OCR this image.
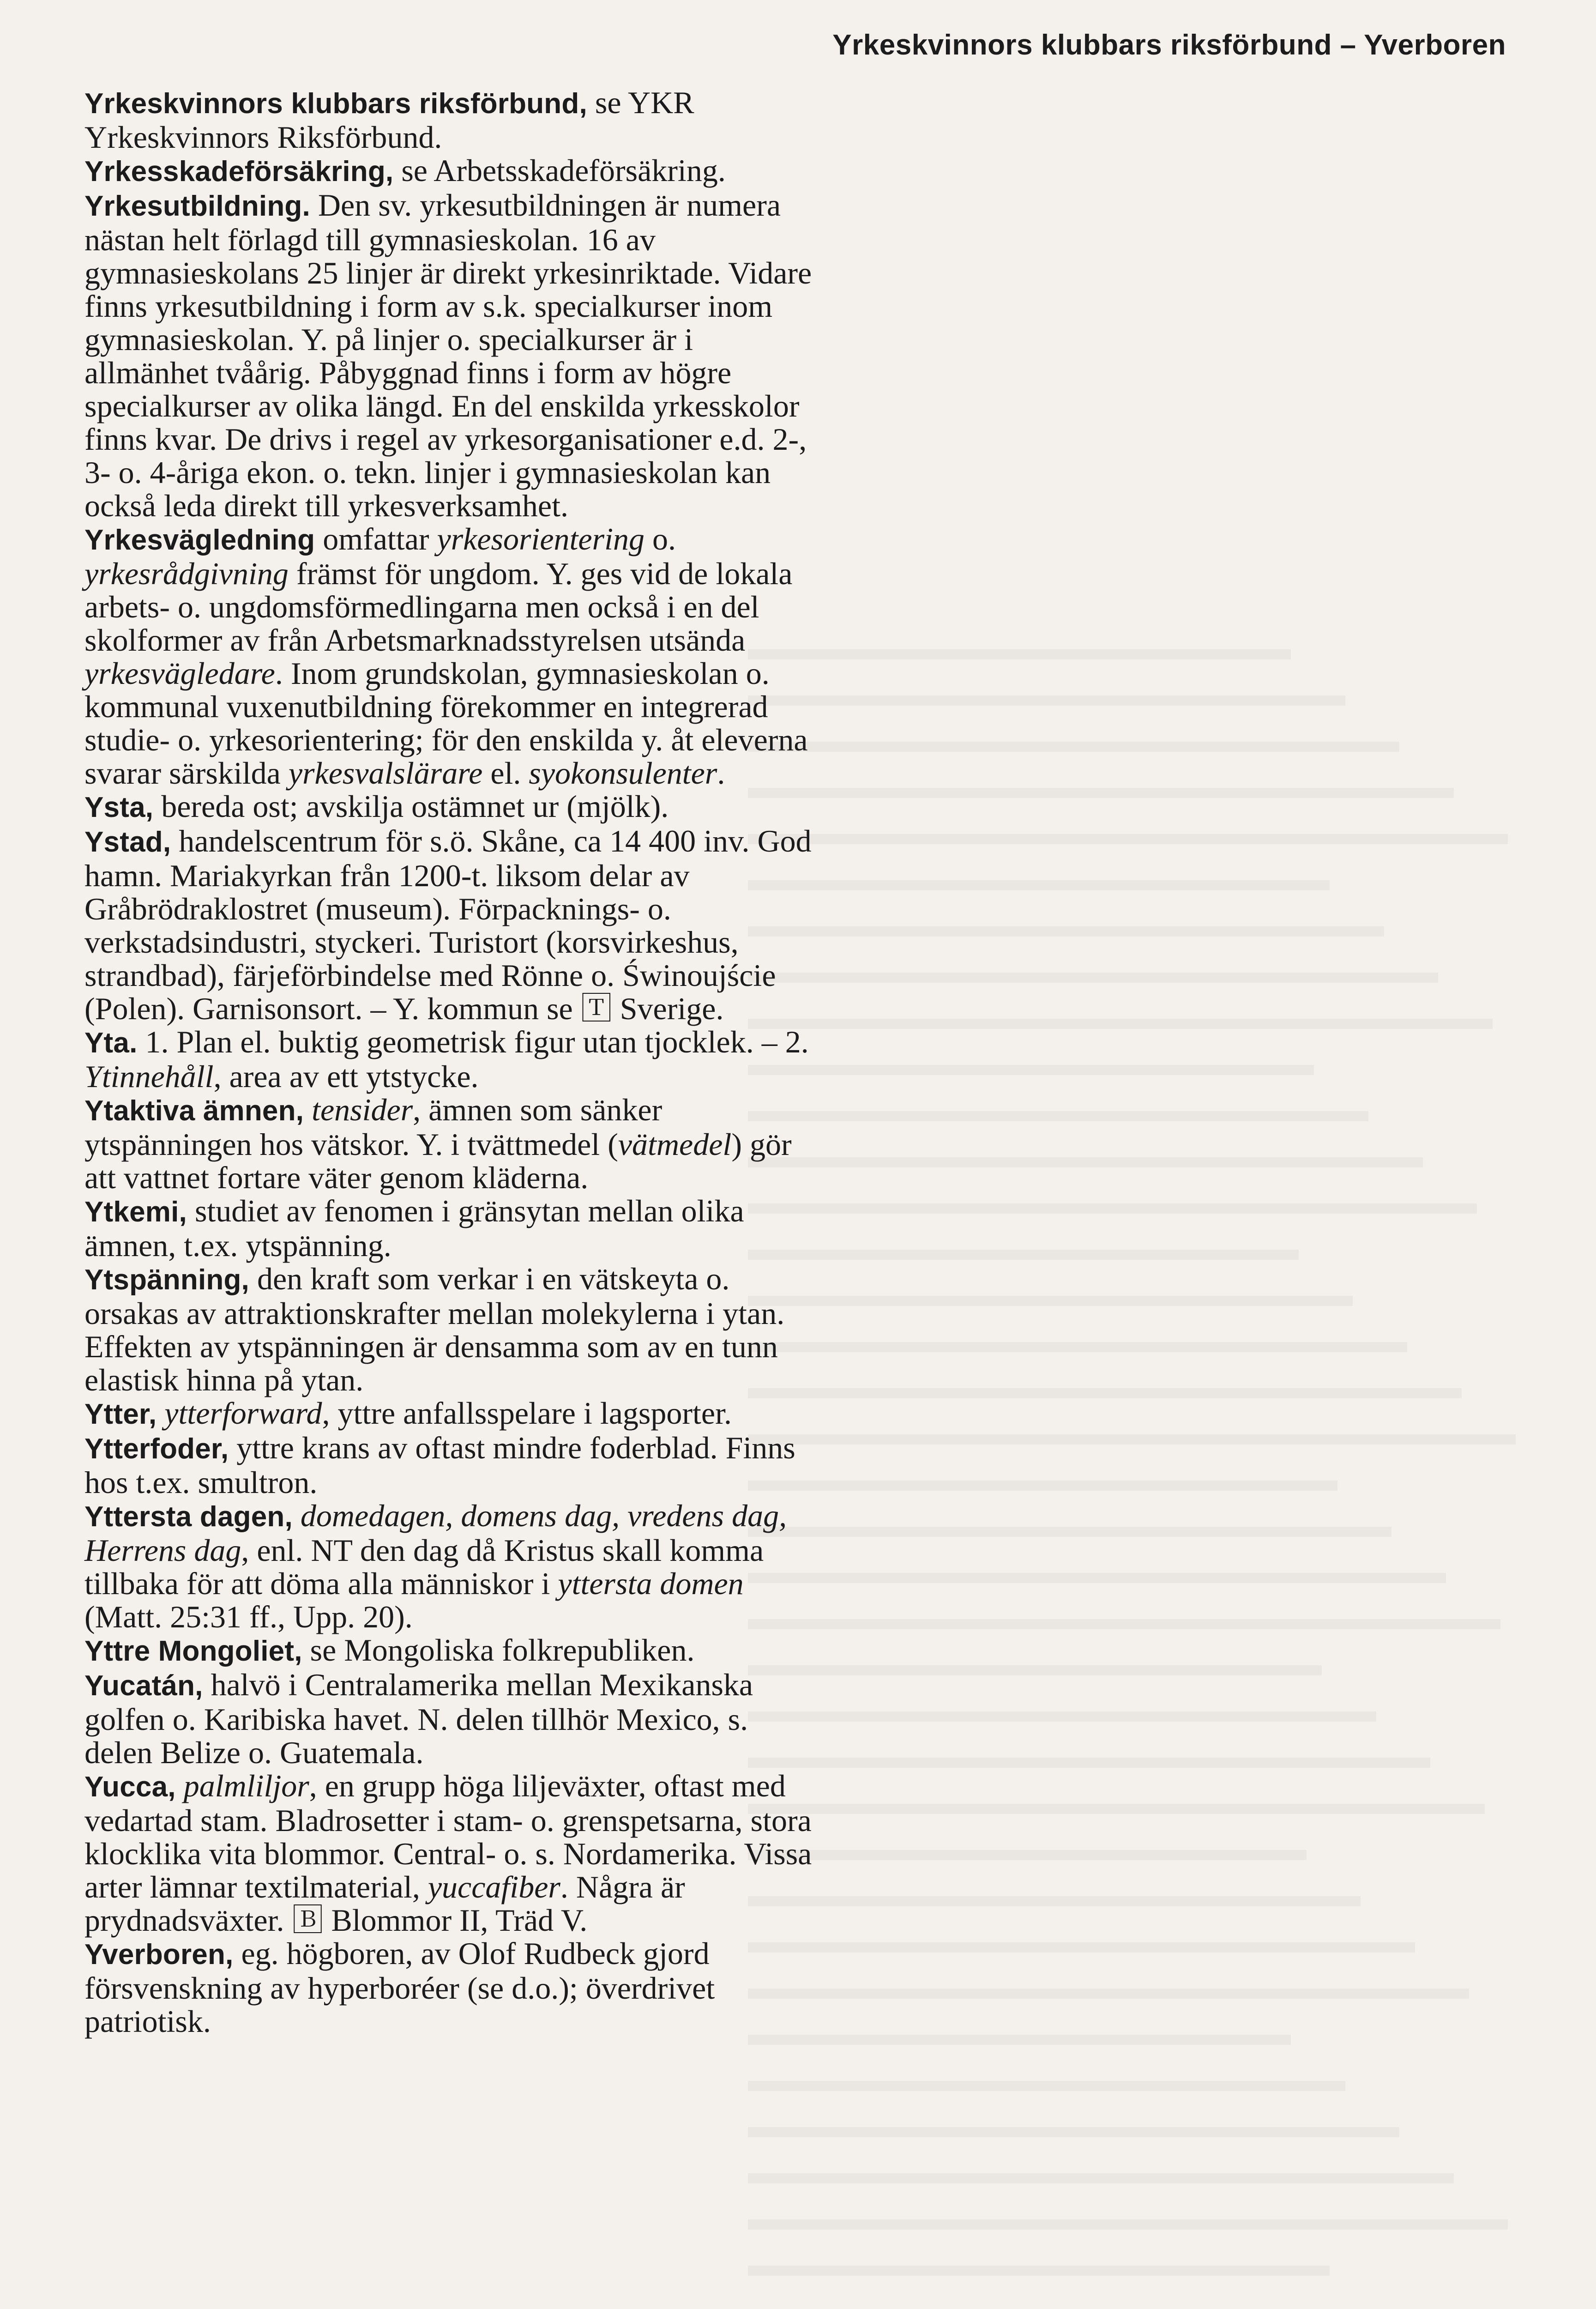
Yrkeskvinnors klubbars riksförbund – Yverboren

Yrkeskvinnors klubbars riksförbund, se YKR Yrkeskvinnors Riksförbund.

Yrkesskadeförsäkring, se Arbetsskadeförsäkring.

Yrkesutbildning. Den sv. yrkesutbildningen är numera nästan helt förlagd till gymnasieskolan. 16 av gymnasieskolans 25 linjer är direkt yrkesinriktade. Vidare finns yrkesutbildning i form av s.k. specialkurser inom gymnasieskolan. Y. på linjer o. specialkurser är i allmänhet tvåårig. Påbyggnad finns i form av högre specialkurser av olika längd. En del enskilda yrkesskolor finns kvar. De drivs i regel av yrkesorganisationer e.d. 2-, 3- o. 4-åriga ekon. o. tekn. linjer i gymnasieskolan kan också leda direkt till yrkesverksamhet.

Yrkesvägledning omfattar yrkesorientering o. yrkesrådgivning främst för ungdom. Y. ges vid de lokala arbets- o. ungdomsförmedlingarna men också i en del skolformer av från Arbetsmarknadsstyrelsen utsända yrkesvägledare. Inom grundskolan, gymnasieskolan o. kommunal vuxenutbildning förekommer en integrerad studie- o. yrkesorientering; för den enskilda y. åt eleverna svarar särskilda yrkesvalslärare el. syokonsulenter.

Ysta, bereda ost; avskilja ostämnet ur (mjölk).

Ystad, handelscentrum för s.ö. Skåne, ca 14 400 inv. God hamn. Mariakyrkan från 1200-t. liksom delar av Gråbrödraklostret (museum). Förpacknings- o. verkstadsindustri, styckeri. Turistort (korsvirkeshus, strandbad), färjeförbindelse med Rönne o. Świnoujście (Polen). Garnisonsort. – Y. kommun se 🅃 Sverige.

Yta. 1. Plan el. buktig geometrisk figur utan tjocklek. – 2. Ytinnehåll, area av ett ytstycke.

Ytaktiva ämnen, tensider, ämnen som sänker ytspänningen hos vätskor. Y. i tvättmedel (vätmedel) gör att vattnet fortare väter genom kläderna.

Ytkemi, studiet av fenomen i gränsytan mellan olika ämnen, t.ex. ytspänning.

Ytspänning, den kraft som verkar i en vätskeyta o. orsakas av attraktionskrafter mellan molekylerna i ytan. Effekten av ytspänningen är densamma som av en tunn elastisk hinna på ytan.

Ytter, ytterforward, yttre anfallsspelare i lagsporter.

Ytterfoder, yttre krans av oftast mindre foderblad. Finns hos t.ex. smultron.

Yttersta dagen, domedagen, domens dag, vredens dag, Herrens dag, enl. NT den dag då Kristus skall komma tillbaka för att döma alla människor i yttersta domen (Matt. 25:31 ff., Upp. 20).

Yttre Mongoliet, se Mongoliska folkrepubliken.

Yucatán, halvö i Centralamerika mellan Mexikanska golfen o. Karibiska havet. N. delen tillhör Mexico, s. delen Belize o. Guatemala.

Yucca, palmliljor, en grupp höga liljeväxter, oftast med vedartad stam. Bladrosetter i stam- o. grenspetsarna, stora klocklika vita blommor. Central- o. s. Nordamerika. Vissa arter lämnar textilmaterial, yuccafiber. Några är prydnadsväxter. 🄱 Blommor II, Träd V.

Yverboren, eg. högboren, av Olof Rudbeck gjord försvenskning av hyperboréer (se d.o.); överdrivet patriotisk.
